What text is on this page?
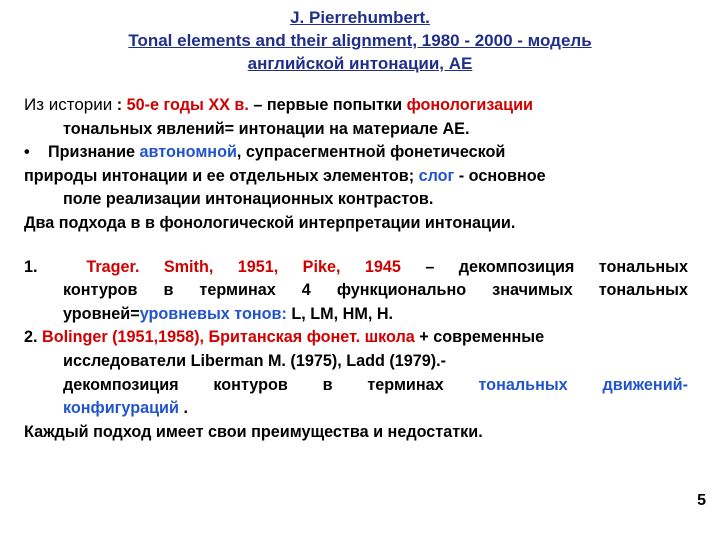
J. Pierrehumbert.
Tonal elements and their alignment, 1980 - 2000 - модель
английской интонации, AE

Из истории : 50-е годы XX в. – первые попытки фонологизации

тональных явлений= интонации на материале AE.

• Признание автономной, супрасегментной фонетической

природы интонации и ее отдельных элементов; слог - основное

поле реализации интонационных контрастов.

Два подхода в в фонологической интерпретации интонации.

1.	Trager. Smith, 1951, Pike, 1945 – декомпозиция тональных

контуров в терминах 4 функционально значимых тональных

уровней=уровневых тонов: L, LM, HM, H.

2. Bolinger (1951,1958), Британская фонет. школа + современные

исследователи Liberman M. (1975), Ladd (1979).-

декомпозиция контуров в терминах тональных движений-

конфигураций .

Каждый подход имеет свои преимущества и недостатки.

5
